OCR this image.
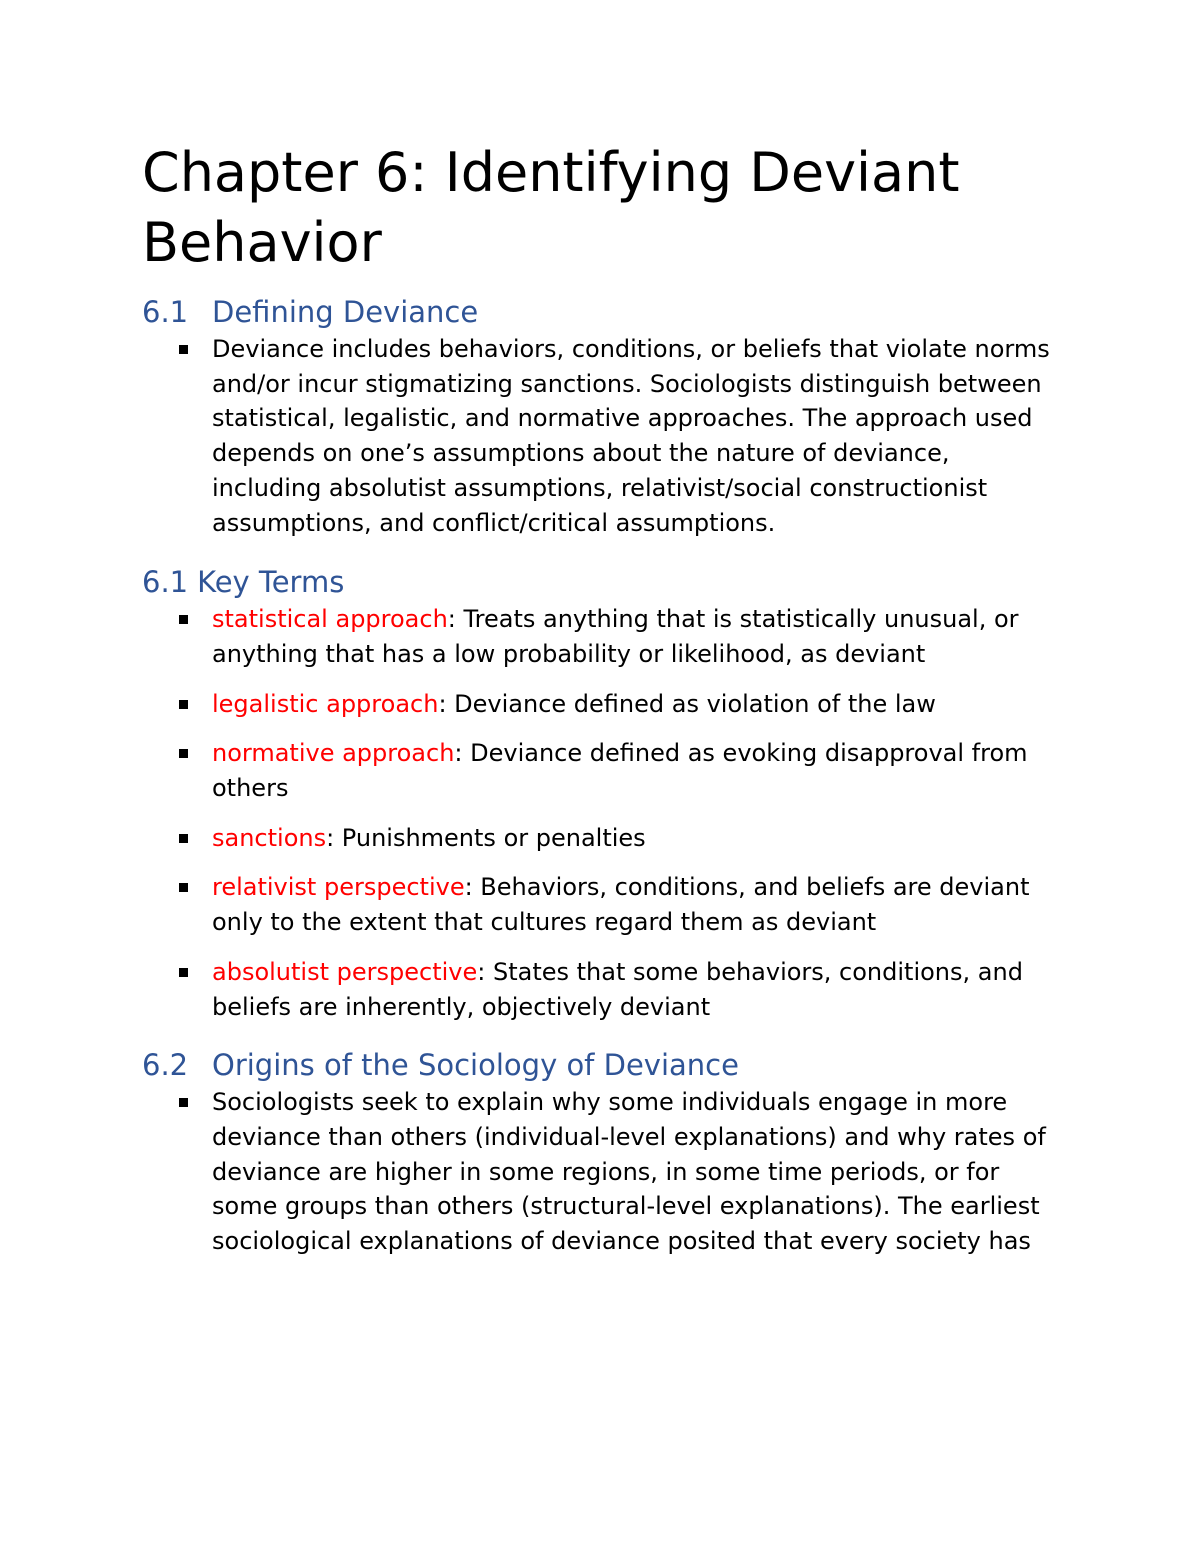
Chapter 6: Identifying Deviant Behavior
6.1 Defining Deviance
Deviance includes behaviors, conditions, or beliefs that violate norms and/or incur stigmatizing sanctions. Sociologists distinguish between statistical, legalistic, and normative approaches. The approach used depends on one’s assumptions about the nature of deviance, including absolutist assumptions, relativist/social constructionist assumptions, and conflict/critical assumptions.
6.1 Key Terms
statistical approach: Treats anything that is statistically unusual, or anything that has a low probability or likelihood, as deviant
legalistic approach: Deviance defined as violation of the law
normative approach: Deviance defined as evoking disapproval from others
sanctions: Punishments or penalties
relativist perspective: Behaviors, conditions, and beliefs are deviant only to the extent that cultures regard them as deviant
absolutist perspective: States that some behaviors, conditions, and beliefs are inherently, objectively deviant
6.2 Origins of the Sociology of Deviance
Sociologists seek to explain why some individuals engage in more deviance than others (individual-level explanations) and why rates of deviance are higher in some regions, in some time periods, or for some groups than others (structural-level explanations). The earliest sociological explanations of deviance posited that every society has
